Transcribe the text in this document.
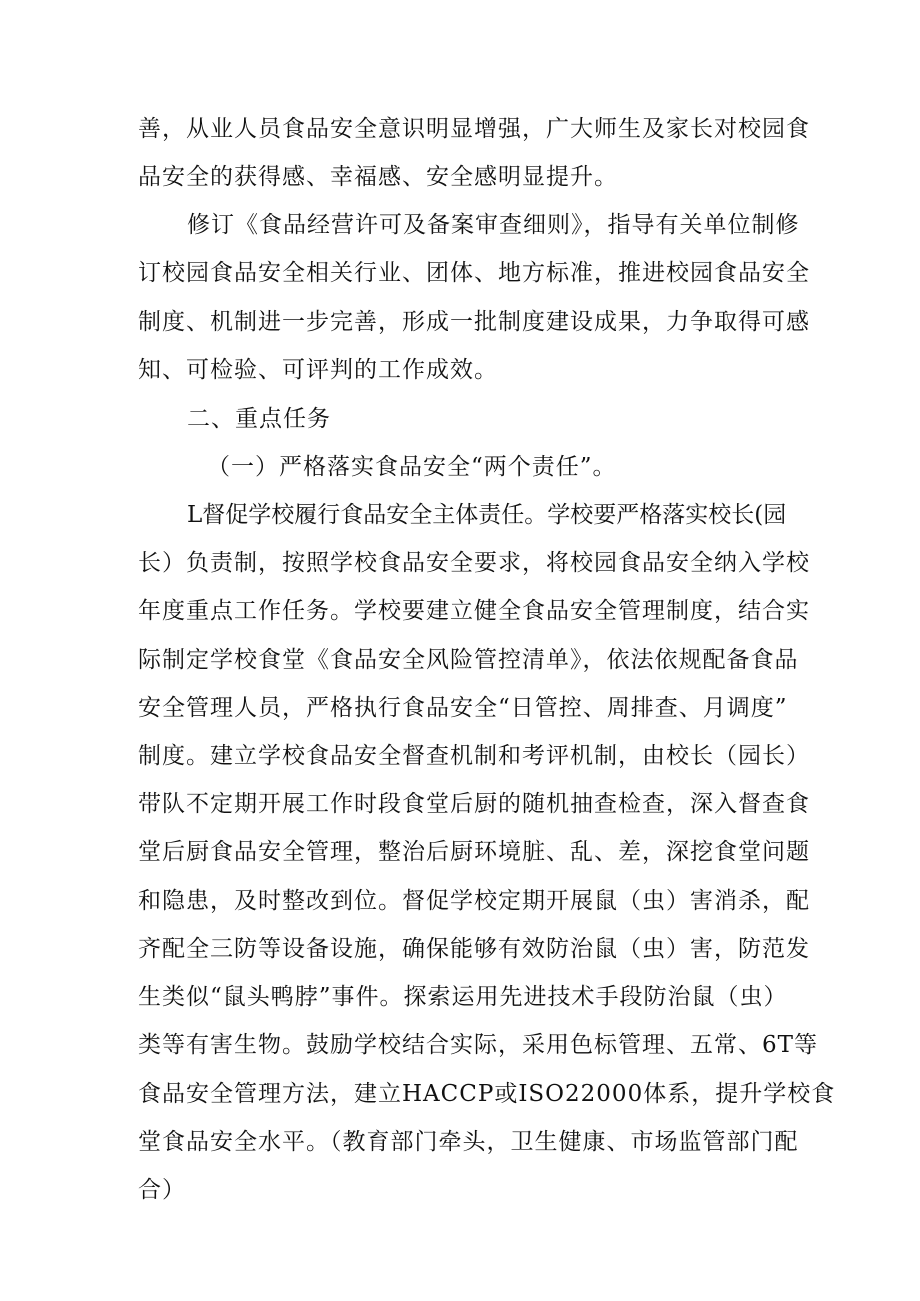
善，从业人员食品安全意识明显增强，广大师生及家长对校园食
品安全的获得感、幸福感、安全感明显提升。
修订《食品经营许可及备案审查细则》，指导有关单位制修
订校园食品安全相关行业、团体、地方标准，推进校园食品安全
制度、机制进一步完善，形成一批制度建设成果，力争取得可感
知、可检验、可评判的工作成效。
二、重点任务
（一）严格落实食品安全“两个责任”。
L督促学校履行食品安全主体责任。学校要严格落实校长(园
长）负责制，按照学校食品安全要求，将校园食品安全纳入学校
年度重点工作任务。学校要建立健全食品安全管理制度，结合实
际制定学校食堂《食品安全风险管控清单》，依法依规配备食品
安全管理人员，严格执行食品安全“日管控、周排查、月调度”
制度。建立学校食品安全督查机制和考评机制，由校长（园长）
带队不定期开展工作时段食堂后厨的随机抽查检查，深入督查食
堂后厨食品安全管理，整治后厨环境脏、乱、差，深挖食堂问题
和隐患，及时整改到位。督促学校定期开展鼠（虫）害消杀，配
齐配全三防等设备设施，确保能够有效防治鼠（虫）害，防范发
生类似“鼠头鸭脖”事件。探索运用先进技术手段防治鼠（虫）
类等有害生物。鼓励学校结合实际，采用色标管理、五常、6T等
食品安全管理方法，建立HACCP或ISO22000体系，提升学校食
堂食品安全水平。（教育部门牵头，卫生健康、市场监管部门配
合）
